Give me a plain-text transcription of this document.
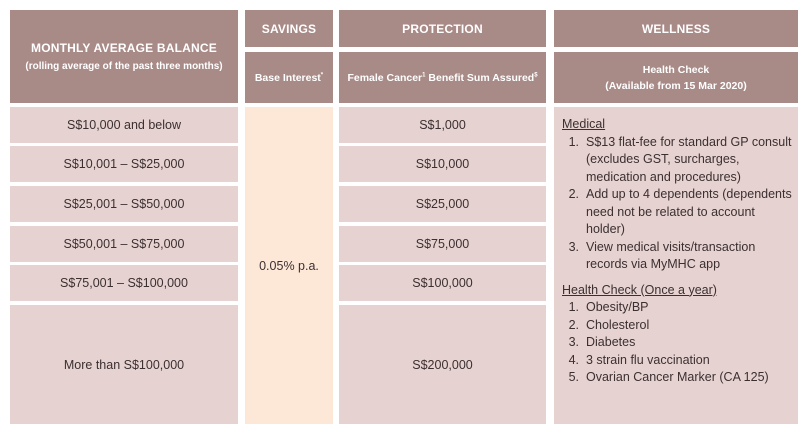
MONTHLY AVERAGE BALANCE
(rolling average of the past three months)
SAVINGS
Base Interest*
PROTECTION
Female Cancer$^1$ Benefit Sum Assured$
WELLNESS
Health Check
(Available from 15 Mar 2020)
S$10,000 and below
S$10,001 – S$25,000
S$25,001 – S$50,000
S$50,001 – S$75,000
S$75,001 – S$100,000
More than S$100,000
0.05% p.a.
S$1,000
S$10,000
S$25,000
S$75,000
S$100,000
S$200,000
Medical
1. S$13 flat-fee for standard GP consult (excludes GST, surcharges, medication and procedures)
2. Add up to 4 dependents (dependents need not be related to account holder)
3. View medical visits/transaction records via MyMHC app
Health Check (Once a year)
1. Obesity/BP
2. Cholesterol
3. Diabetes
4. 3 strain flu vaccination
5. Ovarian Cancer Marker (CA 125)
